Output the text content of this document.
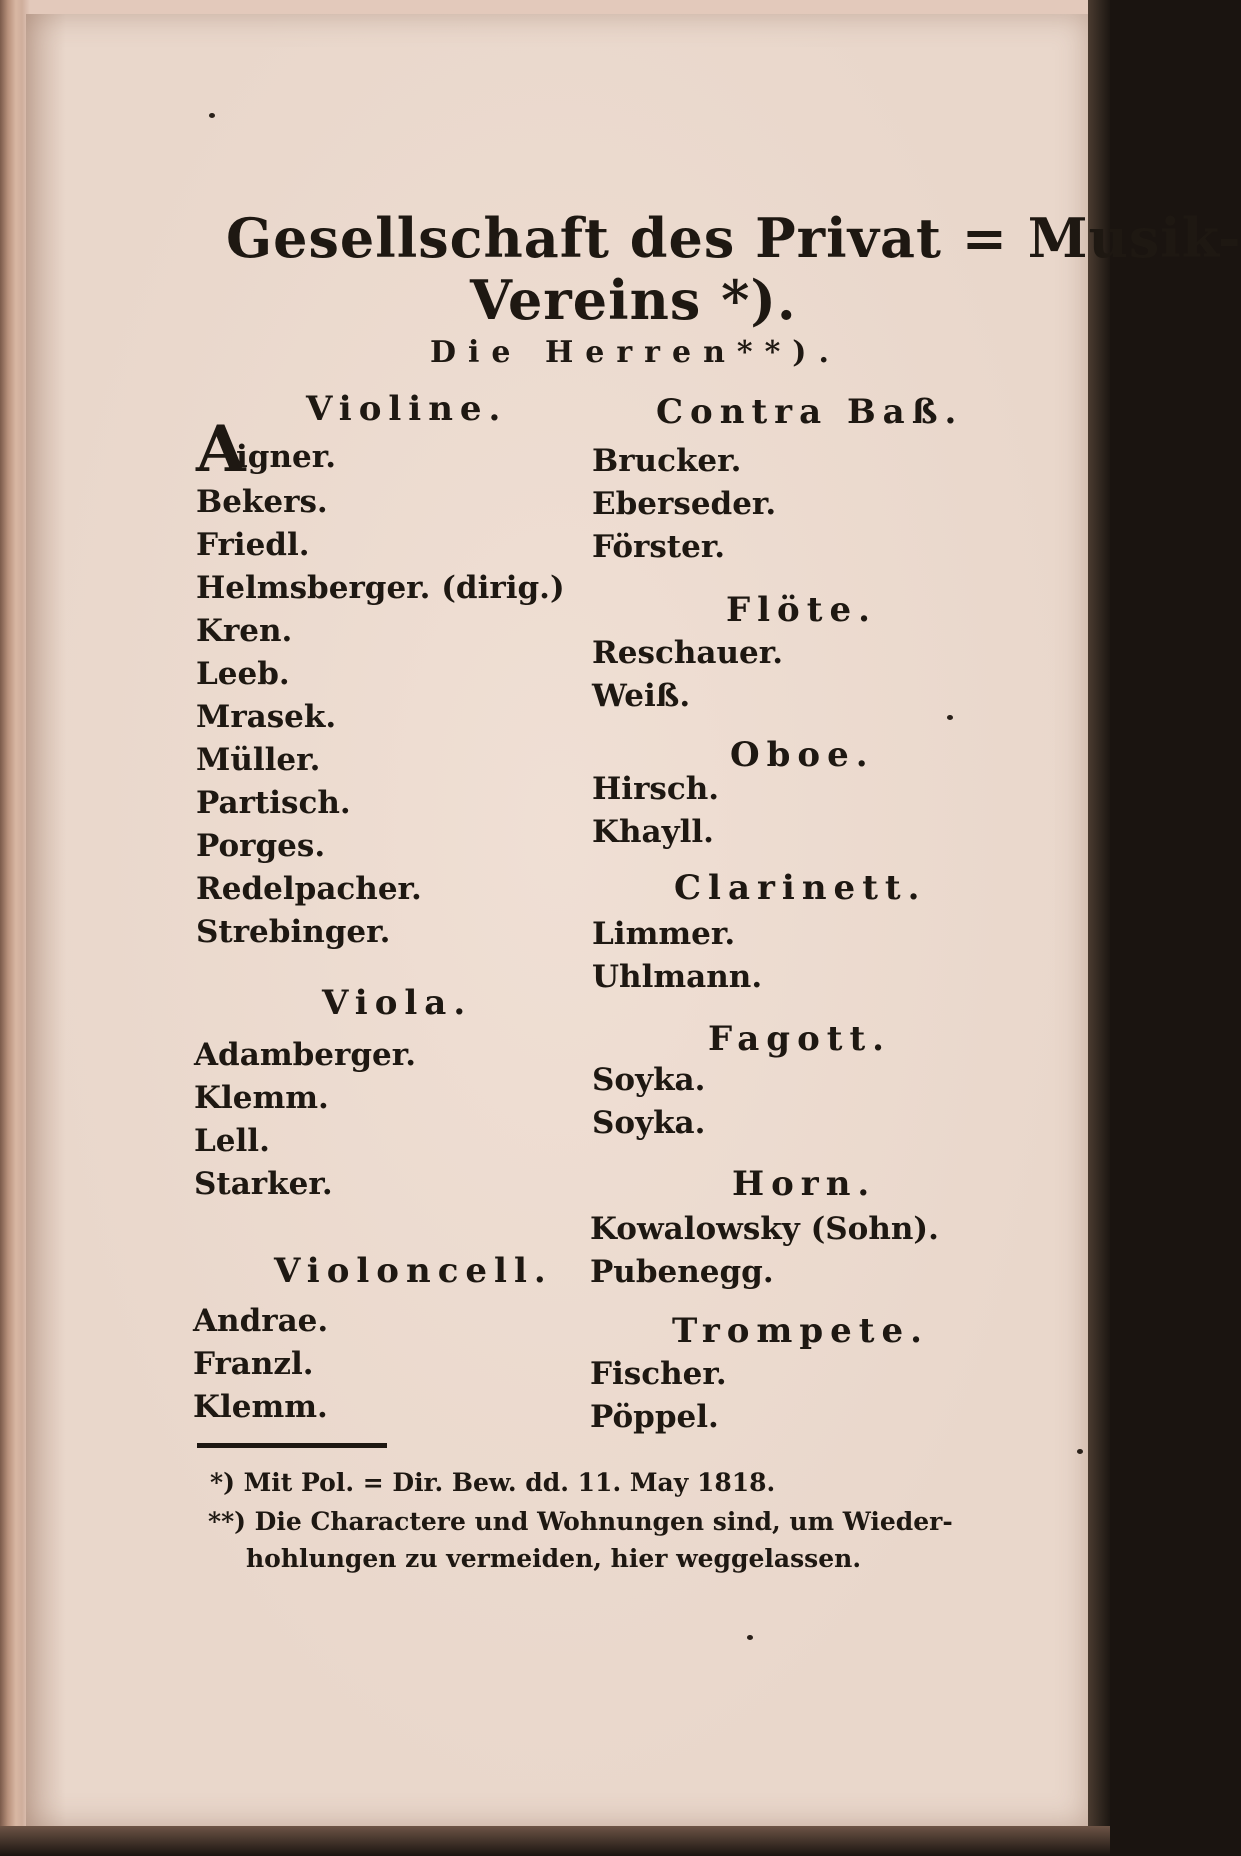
Gesellschaft des Privat = Musik-
Vereins *).
Die Herren**).
Violine.
A
igner.
Bekers.
Friedl.
Helmsberger. (dirig.)
Kren.
Leeb.
Mrasek.
Müller.
Partisch.
Porges.
Redelpacher.
Strebinger.
Viola.
Adamberger.
Klemm.
Lell.
Starker.
Violoncell.
Andrae.
Franzl.
Klemm.
Contra Baß.
Brucker.
Eberseder.
Förster.
Flöte.
Reschauer.
Weiß.
Oboe.
Hirsch.
Khayll.
Clarinett.
Limmer.
Uhlmann.
Fagott.
Soyka.
Soyka.
Horn.
Kowalowsky (Sohn).
Pubenegg.
Trompete.
Fischer.
Pöppel.
*) Mit Pol. = Dir. Bew. dd. 11. May 1818.
**) Die Charactere und Wohnungen sind, um Wieder-
hohlungen zu vermeiden, hier weggelassen.
